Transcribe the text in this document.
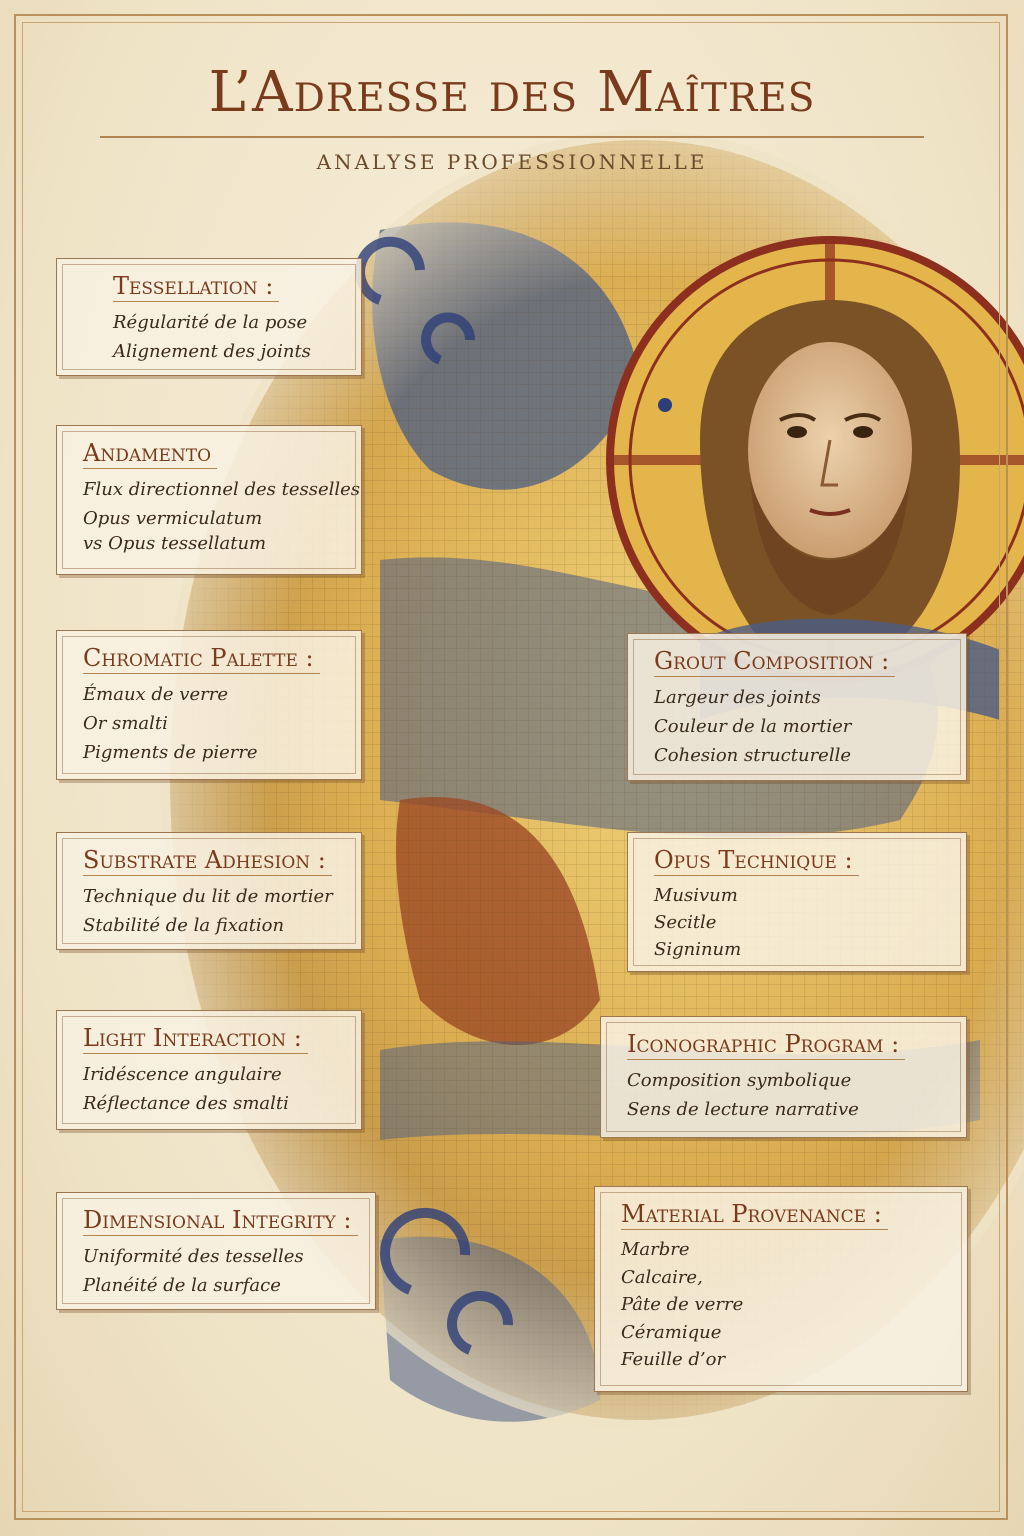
L’Adresse des Maîtres
ANALYSE PROFESSIONNELLE
Tessellation :
Régularité de la pose
Alignement des joints
Andamento
Flux directionnel des tesselles
Opus vermiculatum
vs Opus tessellatum
Chromatic Palette :
Émaux de verre
Or smalti
Pigments de pierre
Substrate Adhesion :
Technique du lit de mortier
Stabilité de la fixation
Light Interaction :
Iridéscence angulaire
Réflectance des smalti
Dimensional Integrity :
Uniformité des tesselles
Planéité de la surface
Grout Composition :
Largeur des joints
Couleur de la mortier
Cohesion structurelle
Opus Technique :
Musivum
Secitle
Signinum
Iconographic Program :
Composition symbolique
Sens de lecture narrative
Material Provenance :
Marbre
Calcaire,
Pâte de verre
Céramique
Feuille d’or
